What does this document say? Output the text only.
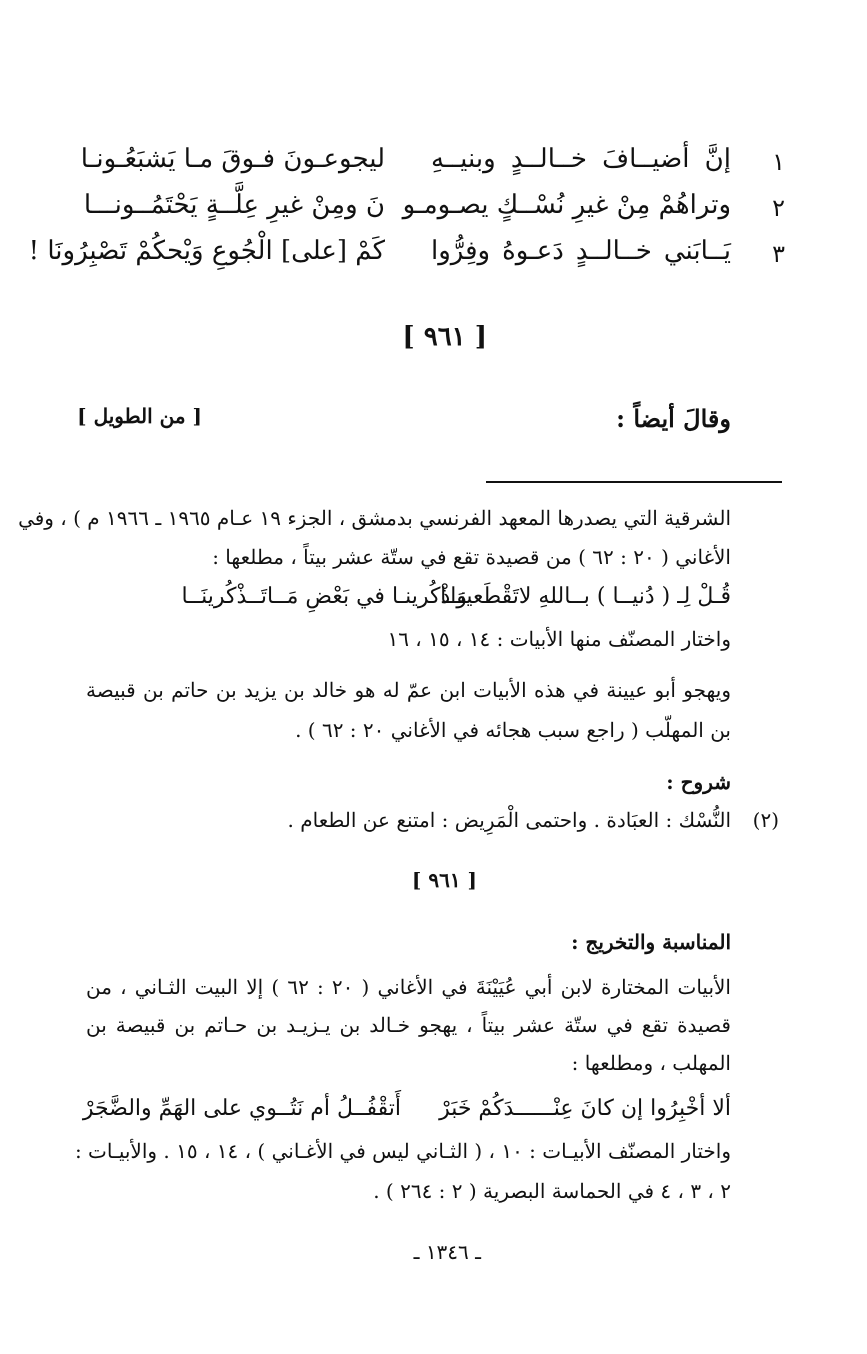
١
إنَّ أضيــافَ خــالــدٍ وبنيــهِ
ليجوعـونَ فـوقَ مـا يَشبَعُـونـا
٢
وتراهُمْ مِنْ غيرِ نُسْــكٍ يصـومـو
نَ ومِنْ غيرِ عِلَّــةٍ يَحْتَمُــونـــا
٣
يَــابَني خــالــدٍ دَعـوهُ وفِرُّوا
كَمْ [على] الْجُوعِ وَيْحكُمْ تَصْبِرُونَا !
[ ٩٦١ ]
وقالَ أيضاً :
[ من الطويل ]
الشرقية التي يصدرها المعهد الفرنسي بدمشق ، الجزء ١٩ عـام ١٩٦٥ ـ ١٩٦٦ م ) ، وفي
الأغاني ( ٢٠ : ٦٢ ) من قصيدة تقع في ستّة عشر بيتاً ، مطلعها :
قُـلْ لِـ ( دُنيــا ) بــاللهِ لاتَقْطَعينــا
وَاذْكُرينـا في بَعْضِ مَــاتَــذْكُرينَــا
واختار المصنّف منها الأبيات : ١٤ ، ١٥ ، ١٦
ويهجو أبو عيينة في هذه الأبيات ابن عمّ له هو خالد بن يزيد بن حاتم بن قبيصة بن المهلّب ( راجع سبب هجائه في الأغاني ٢٠ : ٦٢ ) .
شروح :
(٢)
النُّسْك : العبَادة . واحتمى الْمَرِيض : امتنع عن الطعام .
[ ٩٦١ ]
المناسبة والتخريج :
الأبيات المختارة لابن أبي عُيَيْنَةَ في الأغاني ( ٢٠ : ٦٢ ) إلا البيت الثـاني ، من قصيدة تقع في ستّة عشر بيتاً ، يهجو خـالد بن يـزيـد بن حـاتم بن قبيصة بن المهلب ، ومطلعها :
ألا أخْبِرُوا إن كانَ عِنْــــــدَكُمْ خَبَرْ
أَتقْفُــلُ أم نَتُــوي على الهَمِّ والضَّجَرْ
واختار المصنّف الأبيـات : ١٠ ، ( الثـاني ليس في الأغـاني ) ، ١٤ ، ١٥ . والأبيـات :
٢ ، ٣ ، ٤ في الحماسة البصرية ( ٢ : ٢٦٤ ) .
ـ ١٣٤٦ ـ
